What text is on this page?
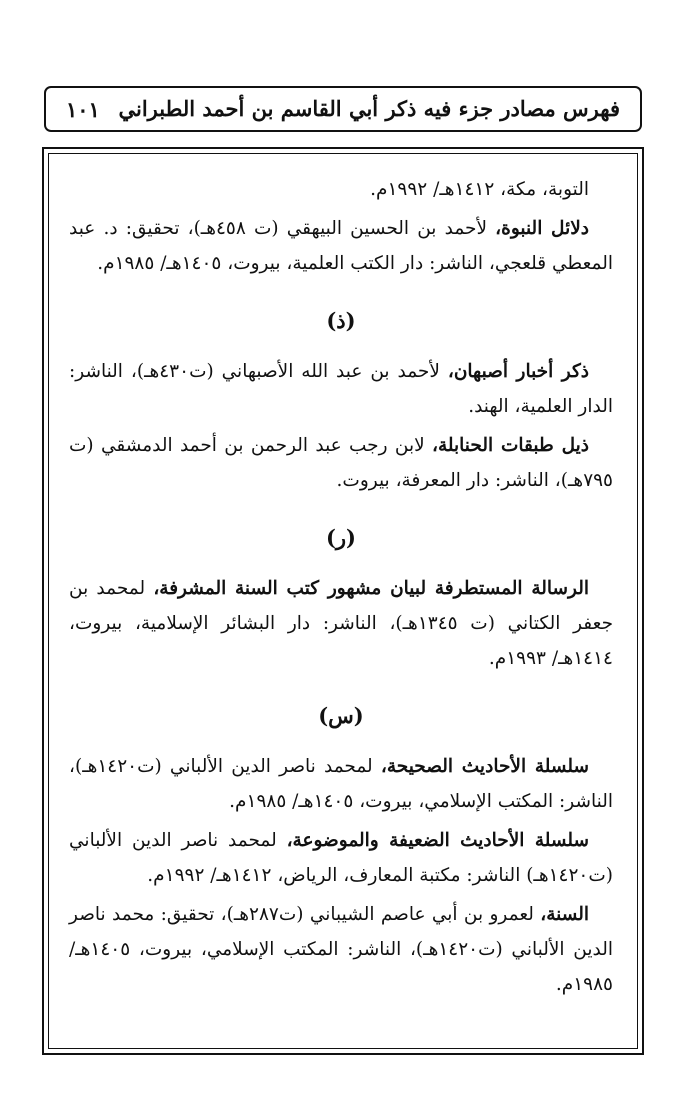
فهرس مصادر جزء فيه ذكر أبي القاسم بن أحمد الطبراني
١٠١

التوبة، مكة، ١٤١٢هـ/ ١٩٩٢م.

دلائل النبوة، لأحمد بن الحسين البيهقي (ت ٤٥٨هـ)، تحقيق: د. عبد المعطي قلعجي، الناشر: دار الكتب العلمية، بيروت، ١٤٠٥هـ/ ١٩٨٥م.

(ذ)

ذكر أخبار أصبهان، لأحمد بن عبد الله الأصبهاني (ت٤٣٠هـ)، الناشر: الدار العلمية، الهند.

ذيل طبقات الحنابلة، لابن رجب عبد الرحمن بن أحمد الدمشقي (ت ٧٩٥هـ)، الناشر: دار المعرفة، بيروت.

(ر)

الرسالة المستطرفة لبيان مشهور كتب السنة المشرفة، لمحمد بن جعفر الكتاني (ت ١٣٤٥هـ)، الناشر: دار البشائر الإسلامية، بيروت، ١٤١٤هـ/ ١٩٩٣م.

(س)

سلسلة الأحاديث الصحيحة، لمحمد ناصر الدين الألباني (ت١٤٢٠هـ)، الناشر: المكتب الإسلامي، بيروت، ١٤٠٥هـ/ ١٩٨٥م.

سلسلة الأحاديث الضعيفة والموضوعة، لمحمد ناصر الدين الألباني (ت١٤٢٠هـ) الناشر: مكتبة المعارف، الرياض، ١٤١٢هـ/ ١٩٩٢م.

السنة، لعمرو بن أبي عاصم الشيباني (ت٢٨٧هـ)، تحقيق: محمد ناصر الدين الألباني (ت١٤٢٠هـ)، الناشر: المكتب الإسلامي، بيروت، ١٤٠٥هـ/ ١٩٨٥م.
